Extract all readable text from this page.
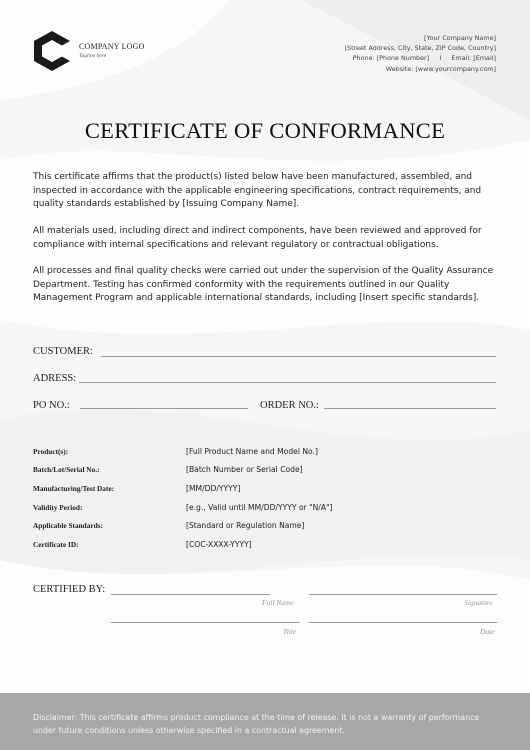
COMPANY LOGO
Tagline here
[Your Company Name]
[Street Address, City, State, ZIP Code, Country]
Phone: [Phone Number]     I     Email: [Email]
Website: [www.yourcompany.com]
CERTIFICATE OF CONFORMANCE

This certificate affirms that the product(s) listed below have been manufactured, assembled, and inspected in accordance with the applicable engineering specifications, contract requirements, and quality standards established by [Issuing Company Name].

All materials used, including direct and indirect components, have been reviewed and approved for compliance with internal specifications and relevant regulatory or contractual obligations.

All processes and final quality checks were carried out under the supervision of the Quality Assurance Department. Testing has confirmed conformity with the requirements outlined in our Quality Management Program and applicable international standards, including [Insert specific standards].

CUSTOMER:
ADRESS:
PO NO.:	ORDER NO.:
Product(s):	[Full Product Name and Model No.]
Batch/Lot/Serial No.:	[Batch Number or Serial Code]
Manufacturing/Test Date:	[MM/DD/YYYY]
Validity Period:	[e.g., Valid until MM/DD/YYYY or "N/A"]
Applicable Standards:	[Standard or Regulation Name]
Certificate ID:	[COC-XXXX-YYYY]
CERTIFIED BY:
Full Name	Signature
Title	Date

Disclaimer: This certificate affirms product compliance at the time of release. It is not a warranty of performance under future conditions unless otherwise specified in a contractual agreement.
